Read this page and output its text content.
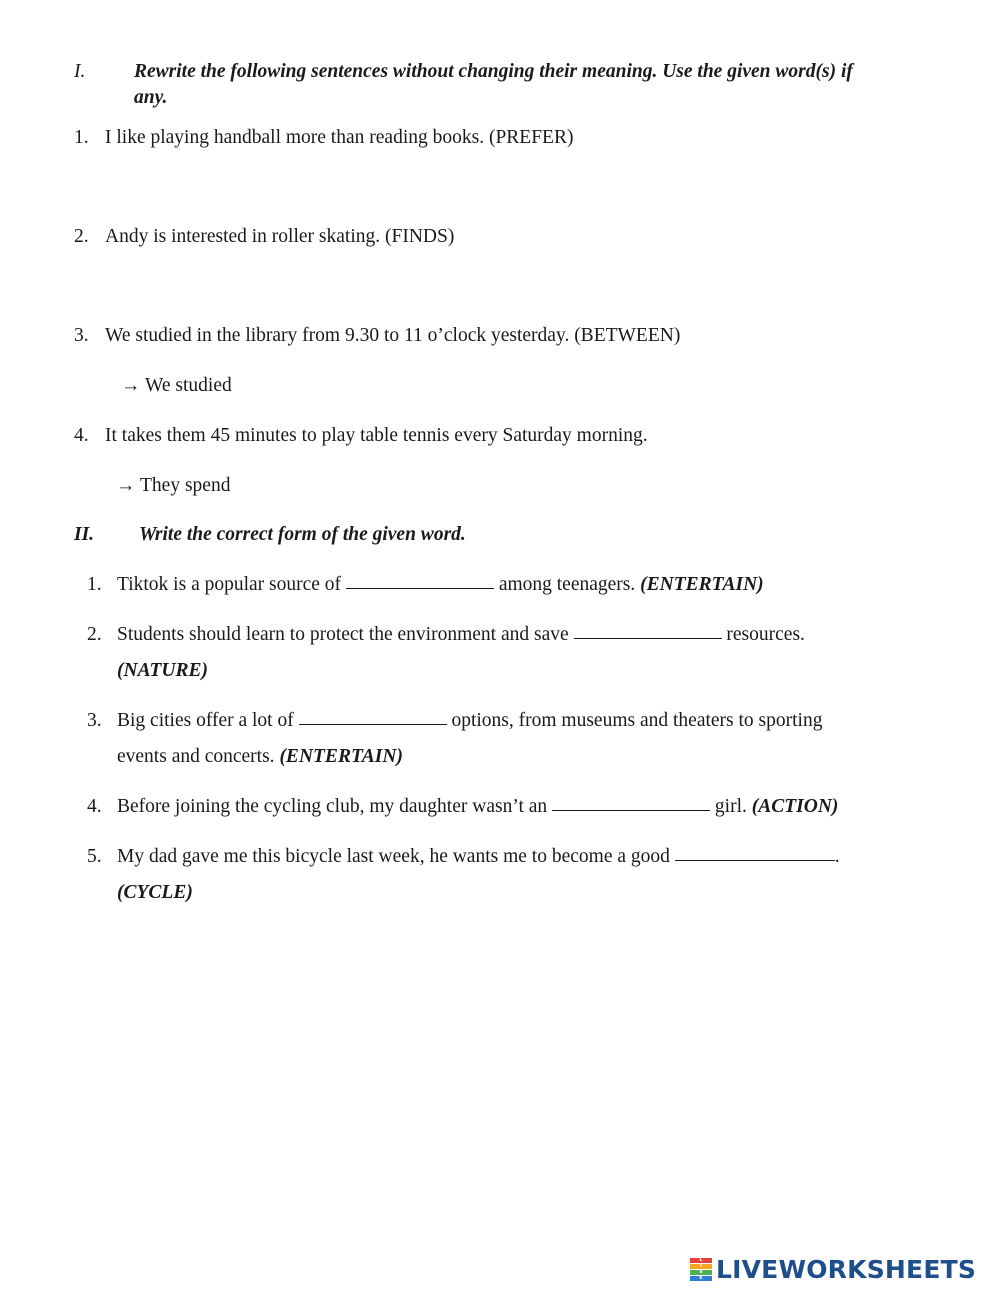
I. Rewrite the following sentences without changing their meaning. Use the given word(s) if
any.
1. I like playing handball more than reading books. (PREFER)
2. Andy is interested in roller skating. (FINDS)
3. We studied in the library from 9.30 to 11 o’clock yesterday. (BETWEEN)
→ We studied
4. It takes them 45 minutes to play table tennis every Saturday morning.
→ They spend
II. Write the correct form of the given word.
1. Tiktok is a popular source of	among teenagers. (ENTERTAIN)
2. Students should learn to protect the environment and save	resources.
(NATURE)
3. Big cities offer a lot of	options, from museums and theaters to sporting
events and concerts. (ENTERTAIN)
4. Before joining the cycling club, my daughter wasn’t an	girl. (ACTION)
5. My dad gave me this bicycle last week, he wants me to become a good	.
(CYCLE)
L
I
V
E LIVEWORKSHEETS
